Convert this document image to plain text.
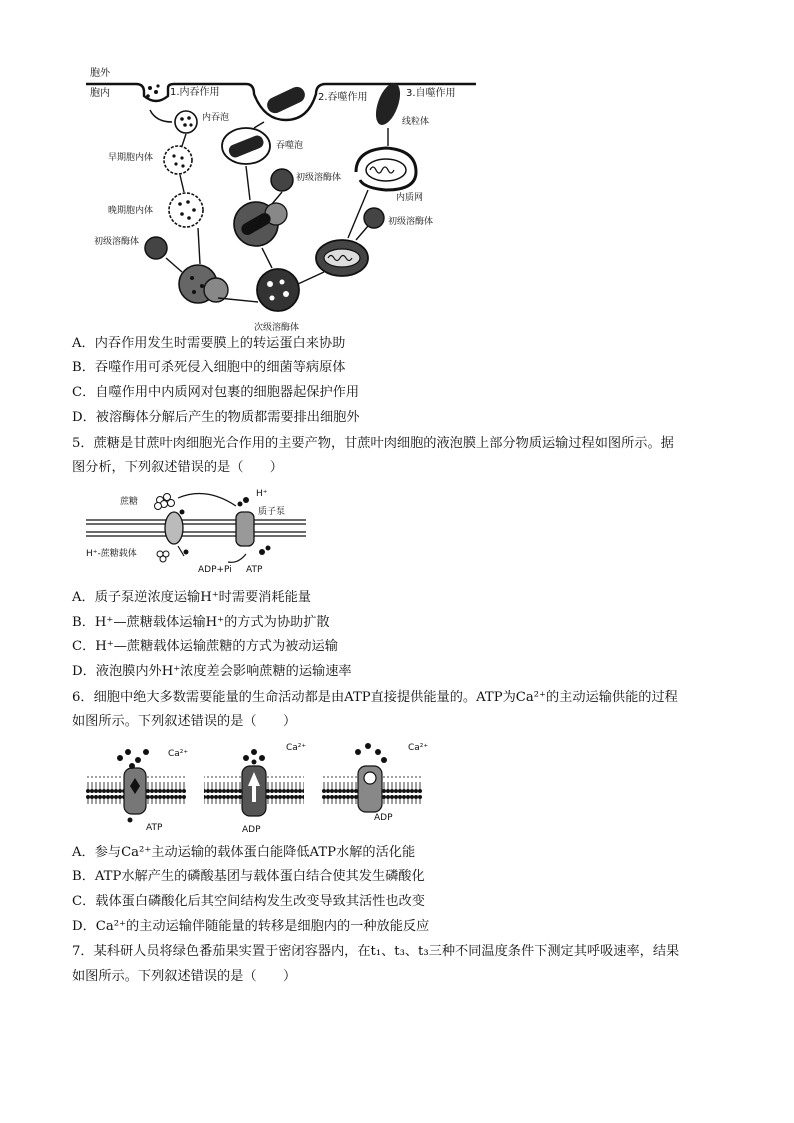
胞外
胞内	1.内吞作用	2.吞噬作用	3.自噬作用
内吞泡
早期胞内体
晚期胞内体
初级溶酶体
吞噬泡
初级溶酶体
次级溶酶体
线粒体
内质网
初级溶酶体
A．内吞作用发生时需要膜上的转运蛋白来协助
B．吞噬作用可杀死侵入细胞中的细菌等病原体
C．自噬作用中内质网对包裹的细胞器起保护作用
D．被溶酶体分解后产生的物质都需要排出细胞外
5．蔗糖是甘蔗叶肉细胞光合作用的主要产物，甘蔗叶肉细胞的液泡膜上部分物质运输过程如图所示。据
图分析，下列叙述错误的是（　　）
蔗糖
H⁺
质子泵
H⁺-蔗糖载体
ADP+Pi ATP
A．质子泵逆浓度运输H⁺时需要消耗能量
B．H⁺—蔗糖载体运输H⁺的方式为协助扩散
C．H⁺—蔗糖载体运输蔗糖的方式为被动运输
D．液泡膜内外H⁺浓度差会影响蔗糖的运输速率
6．细胞中绝大多数需要能量的生命活动都是由ATP直接提供能量的。ATP为Ca²⁺的主动运输供能的过程
如图所示。下列叙述错误的是（　　）
Ca²⁺
ATP
Ca²⁺
ADP
Ca²⁺
ADP
A．参与Ca²⁺主动运输的载体蛋白能降低ATP水解的活化能
B．ATP水解产生的磷酸基团与载体蛋白结合使其发生磷酸化
C．载体蛋白磷酸化后其空间结构发生改变导致其活性也改变
D．Ca²⁺的主动运输伴随能量的转移是细胞内的一种放能反应
7．某科研人员将绿色番茄果实置于密闭容器内，在t₁、t₃、t₃三种不同温度条件下测定其呼吸速率，结果
如图所示。下列叙述错误的是（　　）
